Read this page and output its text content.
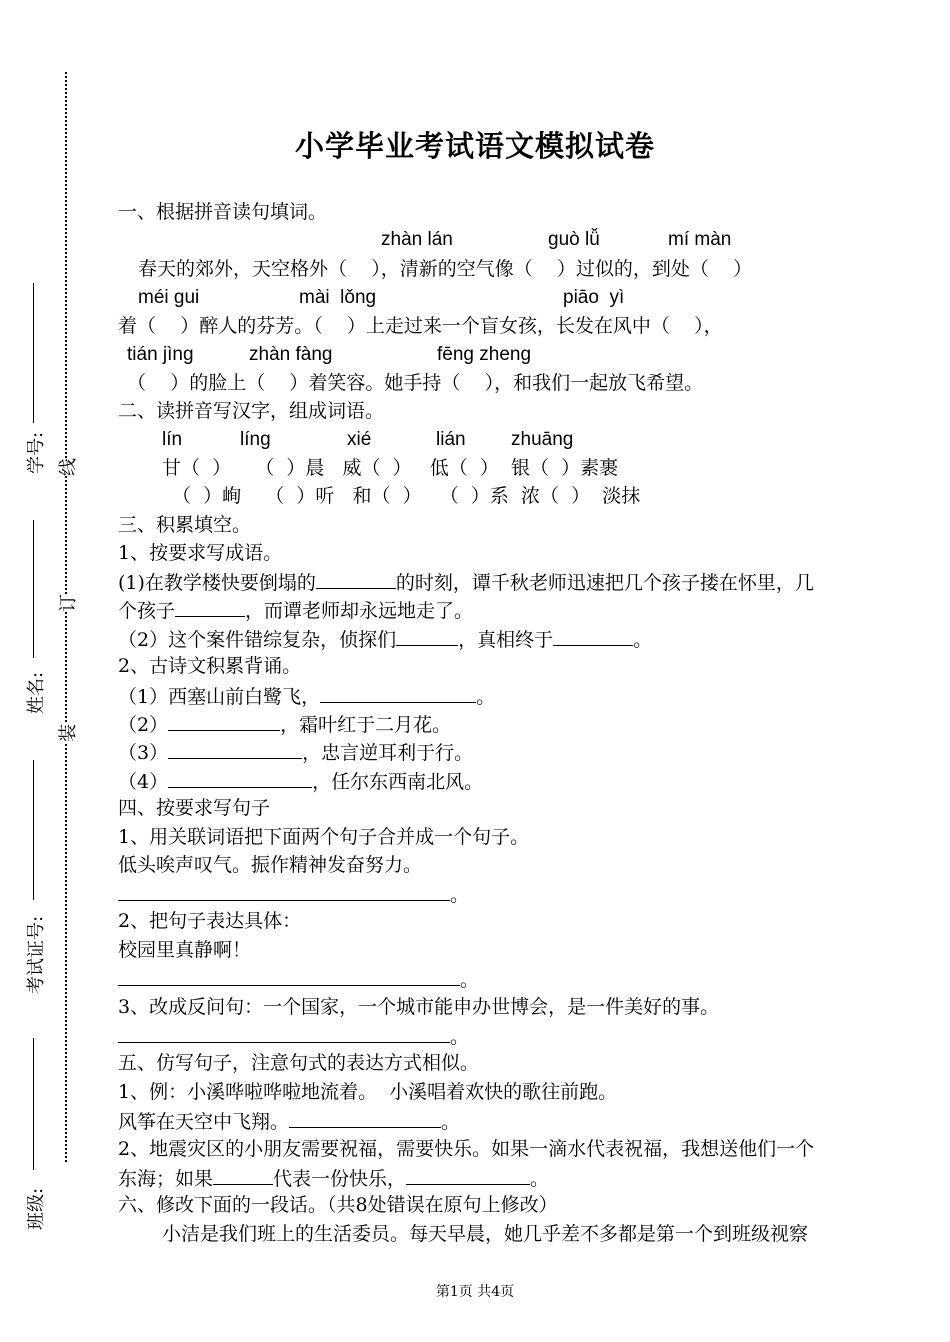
线
订
装
学号:
姓名:
考试证号:
班级:
小学毕业考试语文模拟试卷
一、根据拼音读句填词。
zhàn lán	guò lǚ	mí màn
春天的郊外，天空格外（ ），清新的空气像（ ）过似的，到处（ ）
méi gui	mài  lǒng	piāo  yì
着（ ）醉人的芬芳。（ ）上走过来一个盲女孩，长发在风中（ ），
tián jìng	zhàn fàng	fēng zheng
（ ）的脸上（ ）着笑容。她手持（ ），和我们一起放飞希望。
二、读拼音写汉字，组成词语。
lín	líng	xié	lián zhuāng
甘（ ） （ ）晨 威（ ） 低（ ） 银（ ）素裹
（ ）峋 （ ）听 和（ ） （ ）系 浓（ ） 淡抹
三、积累填空。
1、按要求写成语。
(1)在教学楼快要倒塌的	的时刻，谭千秋老师迅速把几个孩子搂在怀里，几
个孩子	，而谭老师却永远地走了。
（2）这个案件错综复杂，侦探们	，真相终于	。
2、古诗文积累背诵。
（1）西塞山前白鹭飞，	。
（2）	，霜叶红于二月花。
（3）	，忠言逆耳利于行。
（4）	，任尔东西南北风。
四、按要求写句子
1、用关联词语把下面两个句子合并成一个句子。
低头唉声叹气。振作精神发奋努力。
。
2、把句子表达具体：
校园里真静啊！
。
3、改成反问句：一个国家，一个城市能申办世博会，是一件美好的事。
。
五、仿写句子，注意句式的表达方式相似。
1、例：小溪哗啦哗啦地流着。  小溪唱着欢快的歌往前跑。
风筝在天空中飞翔。	。
2、地震灾区的小朋友需要祝福，需要快乐。如果一滴水代表祝福，我想送他们一个
东海；如果	代表一份快乐，	。
六、修改下面的一段话。（共8处错误在原句上修改）
小洁是我们班上的生活委员。每天早晨，她几乎差不多都是第一个到班级视察
第1页 共4页
